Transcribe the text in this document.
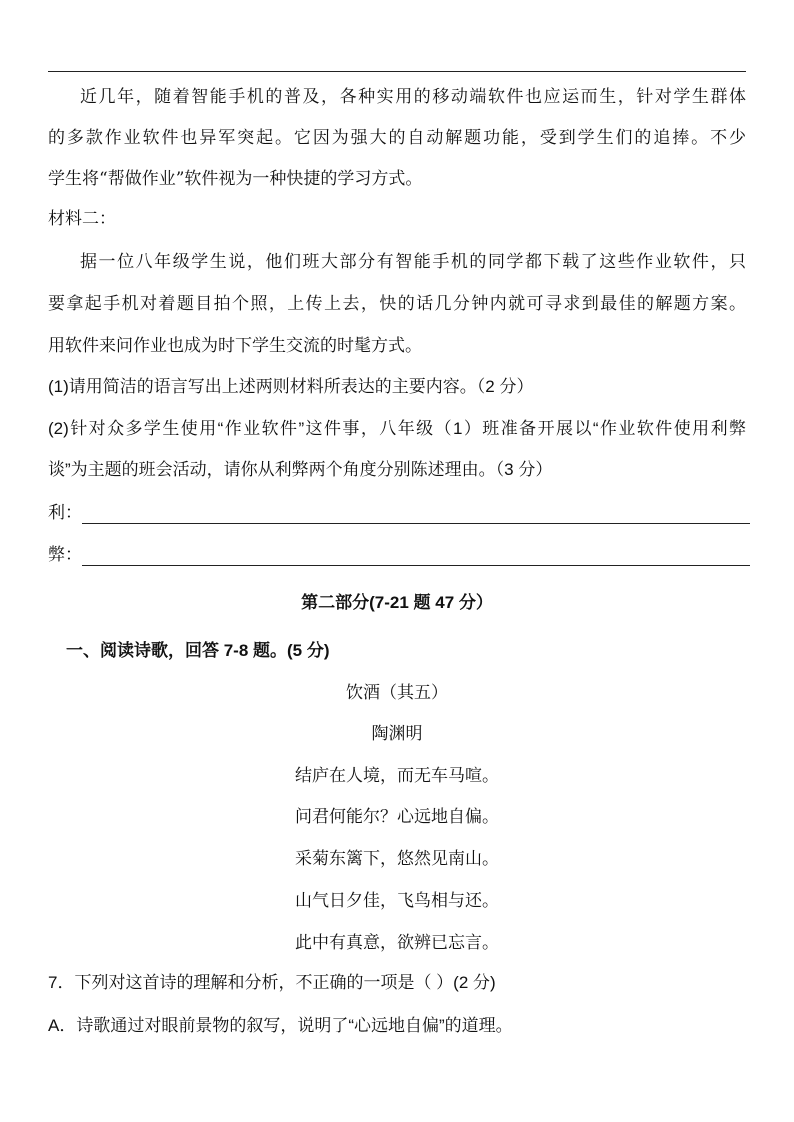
近几年，随着智能手机的普及，各种实用的移动端软件也应运而生，针对学生群体
的多款作业软件也异军突起。它因为强大的自动解题功能，受到学生们的追捧。不少
学生将“帮做作业”软件视为一种快捷的学习方式。
材料二：
据一位八年级学生说，他们班大部分有智能手机的同学都下载了这些作业软件，只
要拿起手机对着题目拍个照，上传上去，快的话几分钟内就可寻求到最佳的解题方案。
用软件来问作业也成为时下学生交流的时髦方式。
(1)请用简洁的语言写出上述两则材料所表达的主要内容。（2 分）
(2)针对众多学生使用“作业软件”这件事，八年级（1）班准备开展以“作业软件使用利弊
谈”为主题的班会活动，请你从利弊两个角度分别陈述理由。（3 分）
利：
弊：
第二部分(7-21 题 47 分）
一、阅读诗歌，回答 7-8 题。(5 分)
饮酒（其五）
陶渊明
结庐在人境，而无车马喧。
问君何能尔？心远地自偏。
采菊东篱下，悠然见南山。
山气日夕佳，飞鸟相与还。
此中有真意，欲辨已忘言。
7．下列对这首诗的理解和分析，不正确的一项是（ ）(2 分)
A．诗歌通过对眼前景物的叙写，说明了“心远地自偏”的道理。
